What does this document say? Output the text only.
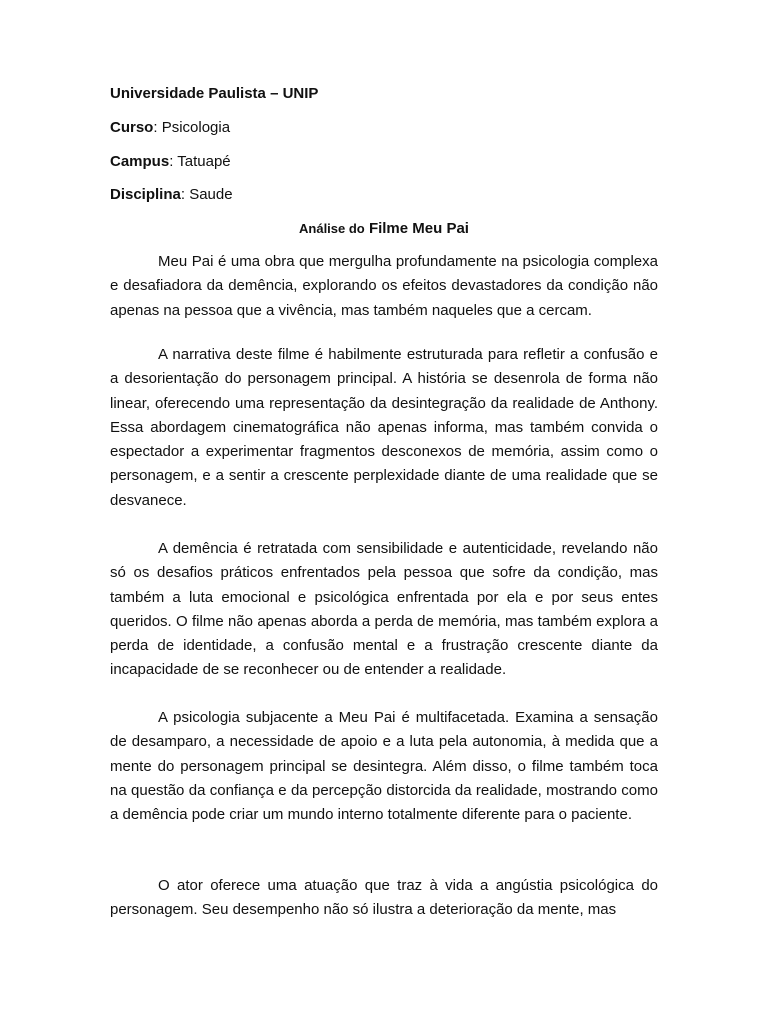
Universidade Paulista – UNIP
Curso: Psicologia
Campus: Tatuapé
Disciplina: Saude
Análise do Filme Meu Pai

Meu Pai é uma obra que mergulha profundamente na psicologia complexa e desafiadora da demência, explorando os efeitos devastadores da condição não apenas na pessoa que a vivência, mas também naqueles que a cercam.

A narrativa deste filme é habilmente estruturada para refletir a confusão e a desorientação do personagem principal. A história se desenrola de forma não linear, oferecendo uma representação da desintegração da realidade de Anthony. Essa abordagem cinematográfica não apenas informa, mas também convida o espectador a experimentar fragmentos desconexos de memória, assim como o personagem, e a sentir a crescente perplexidade diante de uma realidade que se desvanece.

A demência é retratada com sensibilidade e autenticidade, revelando não só os desafios práticos enfrentados pela pessoa que sofre da condição, mas também a luta emocional e psicológica enfrentada por ela e por seus entes queridos. O filme não apenas aborda a perda de memória, mas também explora a perda de identidade, a confusão mental e a frustração crescente diante da incapacidade de se reconhecer ou de entender a realidade.

A psicologia subjacente a Meu Pai é multifacetada. Examina a sensação de desamparo, a necessidade de apoio e a luta pela autonomia, à medida que a mente do personagem principal se desintegra. Além disso, o filme também toca na questão da confiança e da percepção distorcida da realidade, mostrando como a demência pode criar um mundo interno totalmente diferente para o paciente.

O ator oferece uma atuação que traz à vida a angústia psicológica do personagem. Seu desempenho não só ilustra a deterioração da mente, mas
